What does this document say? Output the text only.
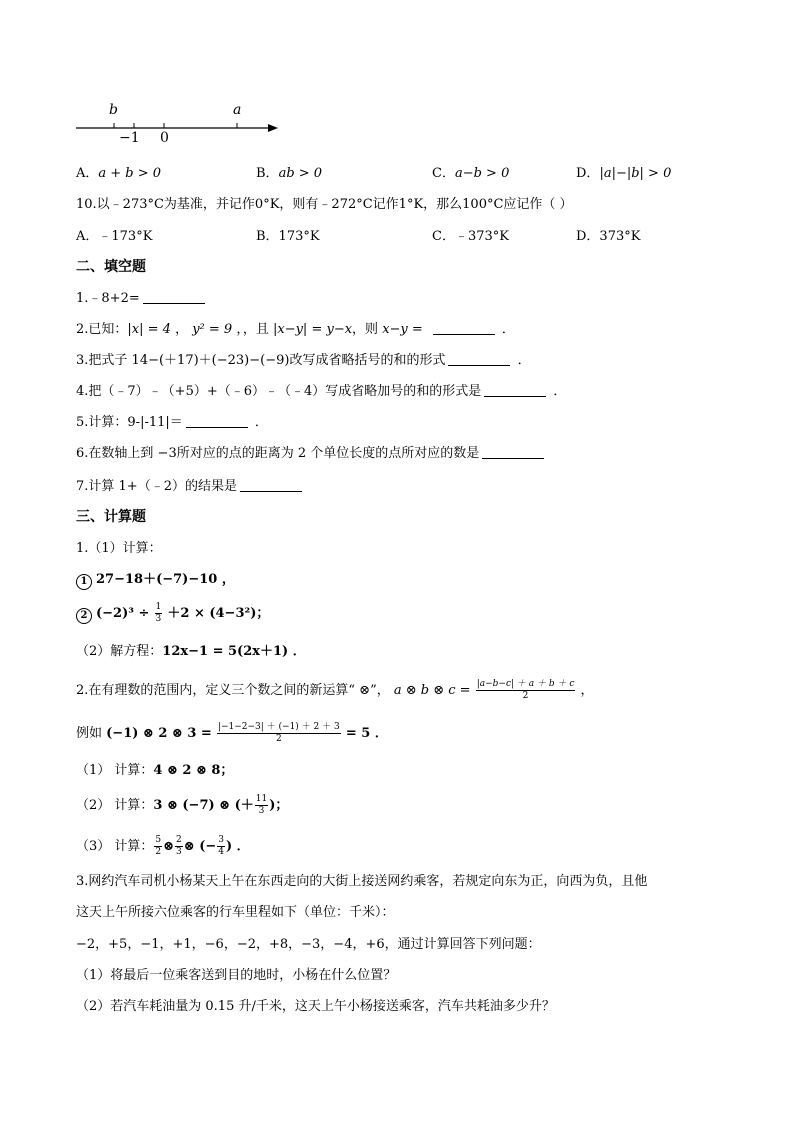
b	a
−1 0
A．a + b > 0	B．ab > 0	C．a−b > 0	D．|a|−|b| > 0
10.以﹣273°C为基准，并记作0°K，则有﹣272°C记作1°K，那么100°C应记作（ ）
A．﹣173°K	B．173°K	C．﹣373°K	D．373°K
二、填空题
1.﹣8+2=
2.已知：|x| = 4 ， y² = 9 ，，且 |x−y| = y−x，则 x−y =	．
3.把式子 14−(＋17)＋(−23)−(−9)改写成省略括号的和的形式	．
4.把（﹣7）﹣（+5）+（﹣6）﹣（﹣4）写成省略加号的和的形式是	．
5.计算：9-|-11|＝	．
6.在数轴上到 −3所对应的点的距离为 2 个单位长度的点所对应的数是
7.计算 1+（﹣2）的结果是
三、计算题
1.（1）计算：
1 27−18＋(−7)−10 ，
2 $(-2)^3 \div \frac{1}{3} +2 \times (4-3^2)$；
（2）解方程：12x−1 = 5(2x＋1) ．
2.在有理数的范围内，定义三个数之间的新运算“ ⊗”， a ⊗ b ⊗ $c = \frac{|a-b-c| + a + b + c}{2}$ ，
例如 (−1) ⊗ 2 ⊗ $3 = \frac{|-1-2-3| + (-1) + 2 + 3}{2} = 5$ ．
（1） 计算：4 ⊗ 2 ⊗ 8；
（2） 计算：3 ⊗ (−7) ⊗ (＋ $\frac{11}{3}$ )；
（3） 计算： $\frac{5}{2}$ ⊗ $\frac{2}{3}$ ⊗ (− $\frac{3}{4}$ ) ．
3.网约汽车司机小杨某天上午在东西走向的大街上接送网约乘客，若规定向东为正，向西为负，且他
这天上午所接六位乘客的行车里程如下（单位：千米）：
−2，+5，−1，+1，−6，−2，+8，−3，−4，+6，通过计算回答下列问题：
（1）将最后一位乘客送到目的地时，小杨在什么位置？
（2）若汽车耗油量为 0.15 升/千米，这天上午小杨接送乘客，汽车共耗油多少升？
